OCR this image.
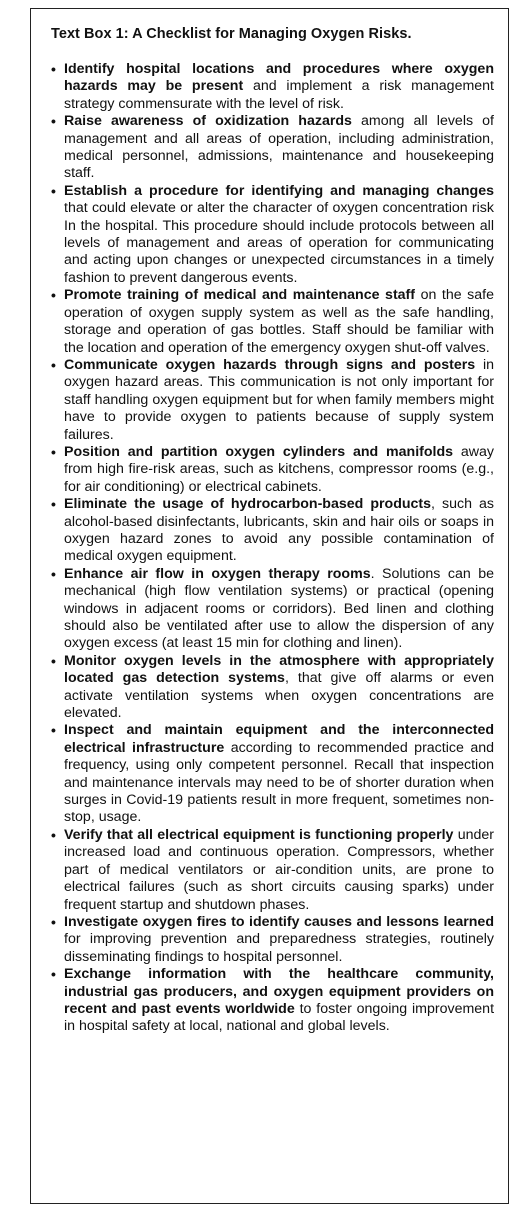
Text Box 1: A Checklist for Managing Oxygen Risks.
• Identify hospital locations and procedures where oxygen hazards may be present and implement a risk management strategy commensurate with the level of risk.
• Raise awareness of oxidization hazards among all levels of management and all areas of operation, including administration, medical personnel, admissions, maintenance and housekeeping staff.
• Establish a procedure for identifying and managing changes that could elevate or alter the character of oxygen concentration risk In the hospital. This procedure should include protocols between all levels of management and areas of operation for communicating and acting upon changes or unexpected circumstances in a timely fashion to prevent dangerous events.
• Promote training of medical and maintenance staff on the safe operation of oxygen supply system as well as the safe handling, storage and operation of gas bottles. Staff should be familiar with the location and operation of the emergency oxygen shut-off valves.
• Communicate oxygen hazards through signs and posters in oxygen hazard areas. This communication is not only important for staff handling oxygen equipment but for when family members might have to provide oxygen to patients because of supply system failures.
• Position and partition oxygen cylinders and manifolds away from high fire-risk areas, such as kitchens, compressor rooms (e.g., for air conditioning) or electrical cabinets.
• Eliminate the usage of hydrocarbon-based products, such as alcohol-based disinfectants, lubricants, skin and hair oils or soaps in oxygen hazard zones to avoid any possible contamination of medical oxygen equipment.
• Enhance air flow in oxygen therapy rooms. Solutions can be mechanical (high flow ventilation systems) or practical (opening windows in adjacent rooms or corridors). Bed linen and clothing should also be ventilated after use to allow the dispersion of any oxygen excess (at least 15 min for clothing and linen).
• Monitor oxygen levels in the atmosphere with appropriately located gas detection systems, that give off alarms or even activate ventilation systems when oxygen concentrations are elevated.
• Inspect and maintain equipment and the interconnected electrical infrastructure according to recommended practice and frequency, using only competent personnel. Recall that inspection and maintenance intervals may need to be of shorter duration when surges in Covid-19 patients result in more frequent, sometimes non-stop, usage.
• Verify that all electrical equipment is functioning properly under increased load and continuous operation. Compressors, whether part of medical ventilators or air-condition units, are prone to electrical failures (such as short circuits causing sparks) under frequent startup and shutdown phases.
• Investigate oxygen fires to identify causes and lessons learned for improving prevention and preparedness strategies, routinely disseminating findings to hospital personnel.
• Exchange information with the healthcare community, industrial gas producers, and oxygen equipment providers on recent and past events worldwide to foster ongoing improvement in hospital safety at local, national and global levels.
